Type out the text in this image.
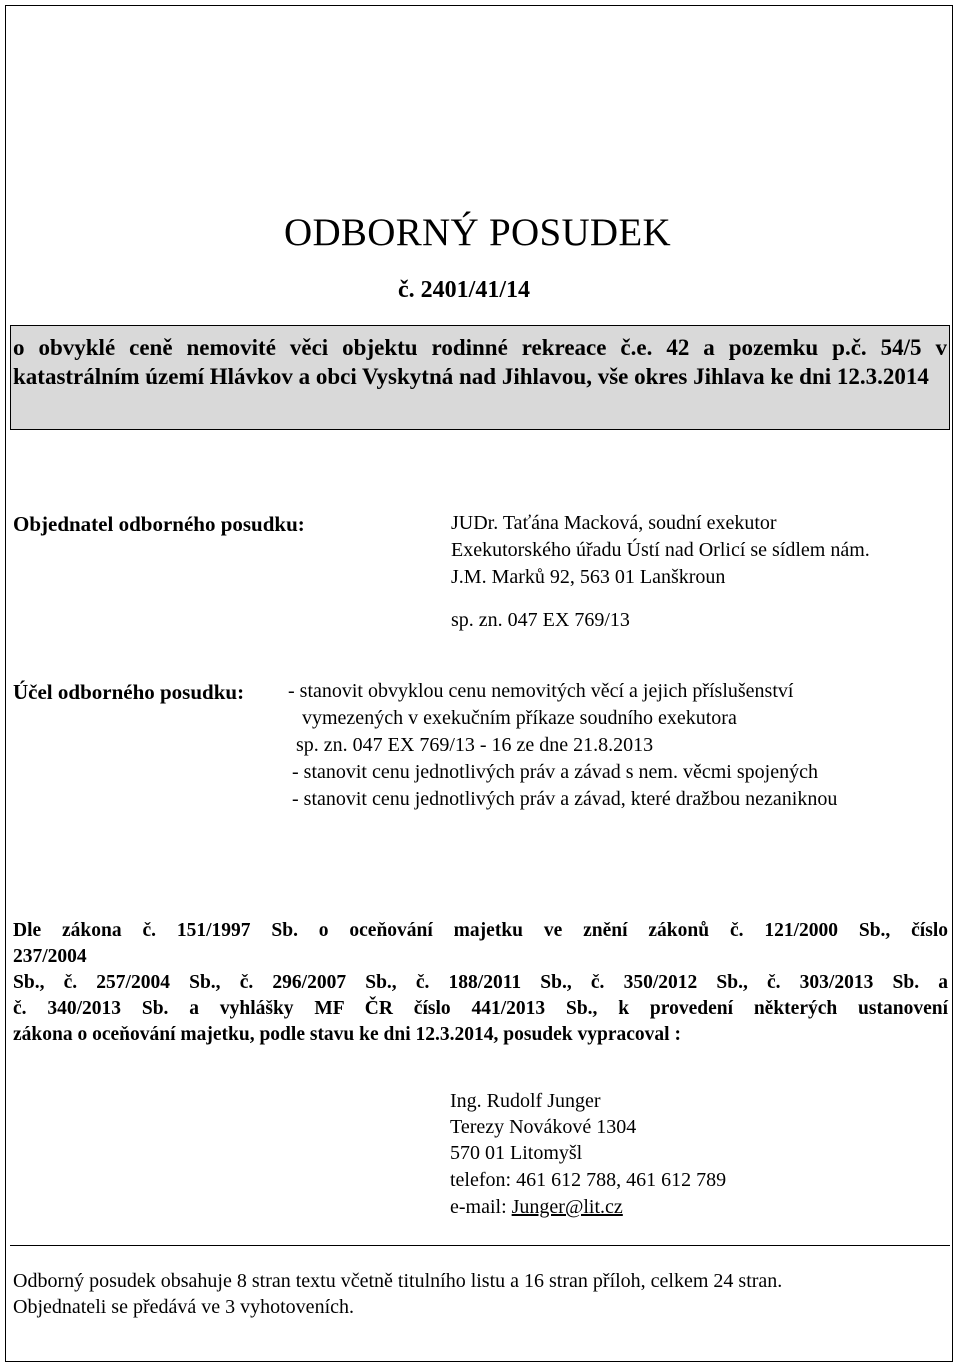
ODBORNÝ POSUDEK
č. 2401/41/14
o obvyklé ceně nemovité věci objektu rodinné rekreace č.e. 42 a pozemku p.č. 54/5 v katastrálním území Hlávkov a obci Vyskytná nad Jihlavou, vše okres Jihlava ke dni 12.3.2014
Objednatel odborného posudku:	JUDr. Taťána Macková, soudní exekutor
Exekutorského úřadu Ústí nad Orlicí se sídlem nám.
J.M. Marků 92, 563 01 Lanškroun
sp. zn. 047 EX 769/13
Účel odborného posudku: - stanovit obvyklou cenu nemovitých věcí a jejich příslušenství
vymezených v exekučním příkaze soudního exekutora
sp. zn. 047 EX 769/13 - 16 ze dne 21.8.2013
- stanovit cenu jednotlivých práv a závad s nem. věcmi spojených
- stanovit cenu jednotlivých práv a závad, které dražbou nezaniknou
Dle zákona č. 151/1997 Sb. o oceňování majetku ve znění zákonů č. 121/2000 Sb., číslo
237/2004
Sb., č. 257/2004 Sb., č. 296/2007 Sb., č. 188/2011 Sb., č. 350/2012 Sb., č. 303/2013 Sb. a
č. 340/2013 Sb. a vyhlášky MF ČR číslo 441/2013 Sb., k provedení některých ustanovení
zákona o oceňování majetku, podle stavu ke dni 12.3.2014, posudek vypracoval :
Ing. Rudolf Junger
Terezy Novákové 1304
570 01 Litomyšl
telefon: 461 612 788, 461 612 789
e-mail: Junger@lit.cz
Odborný posudek obsahuje 8 stran textu včetně titulního listu a 16 stran příloh, celkem 24 stran.
Objednateli se předává ve 3 vyhotoveních.
